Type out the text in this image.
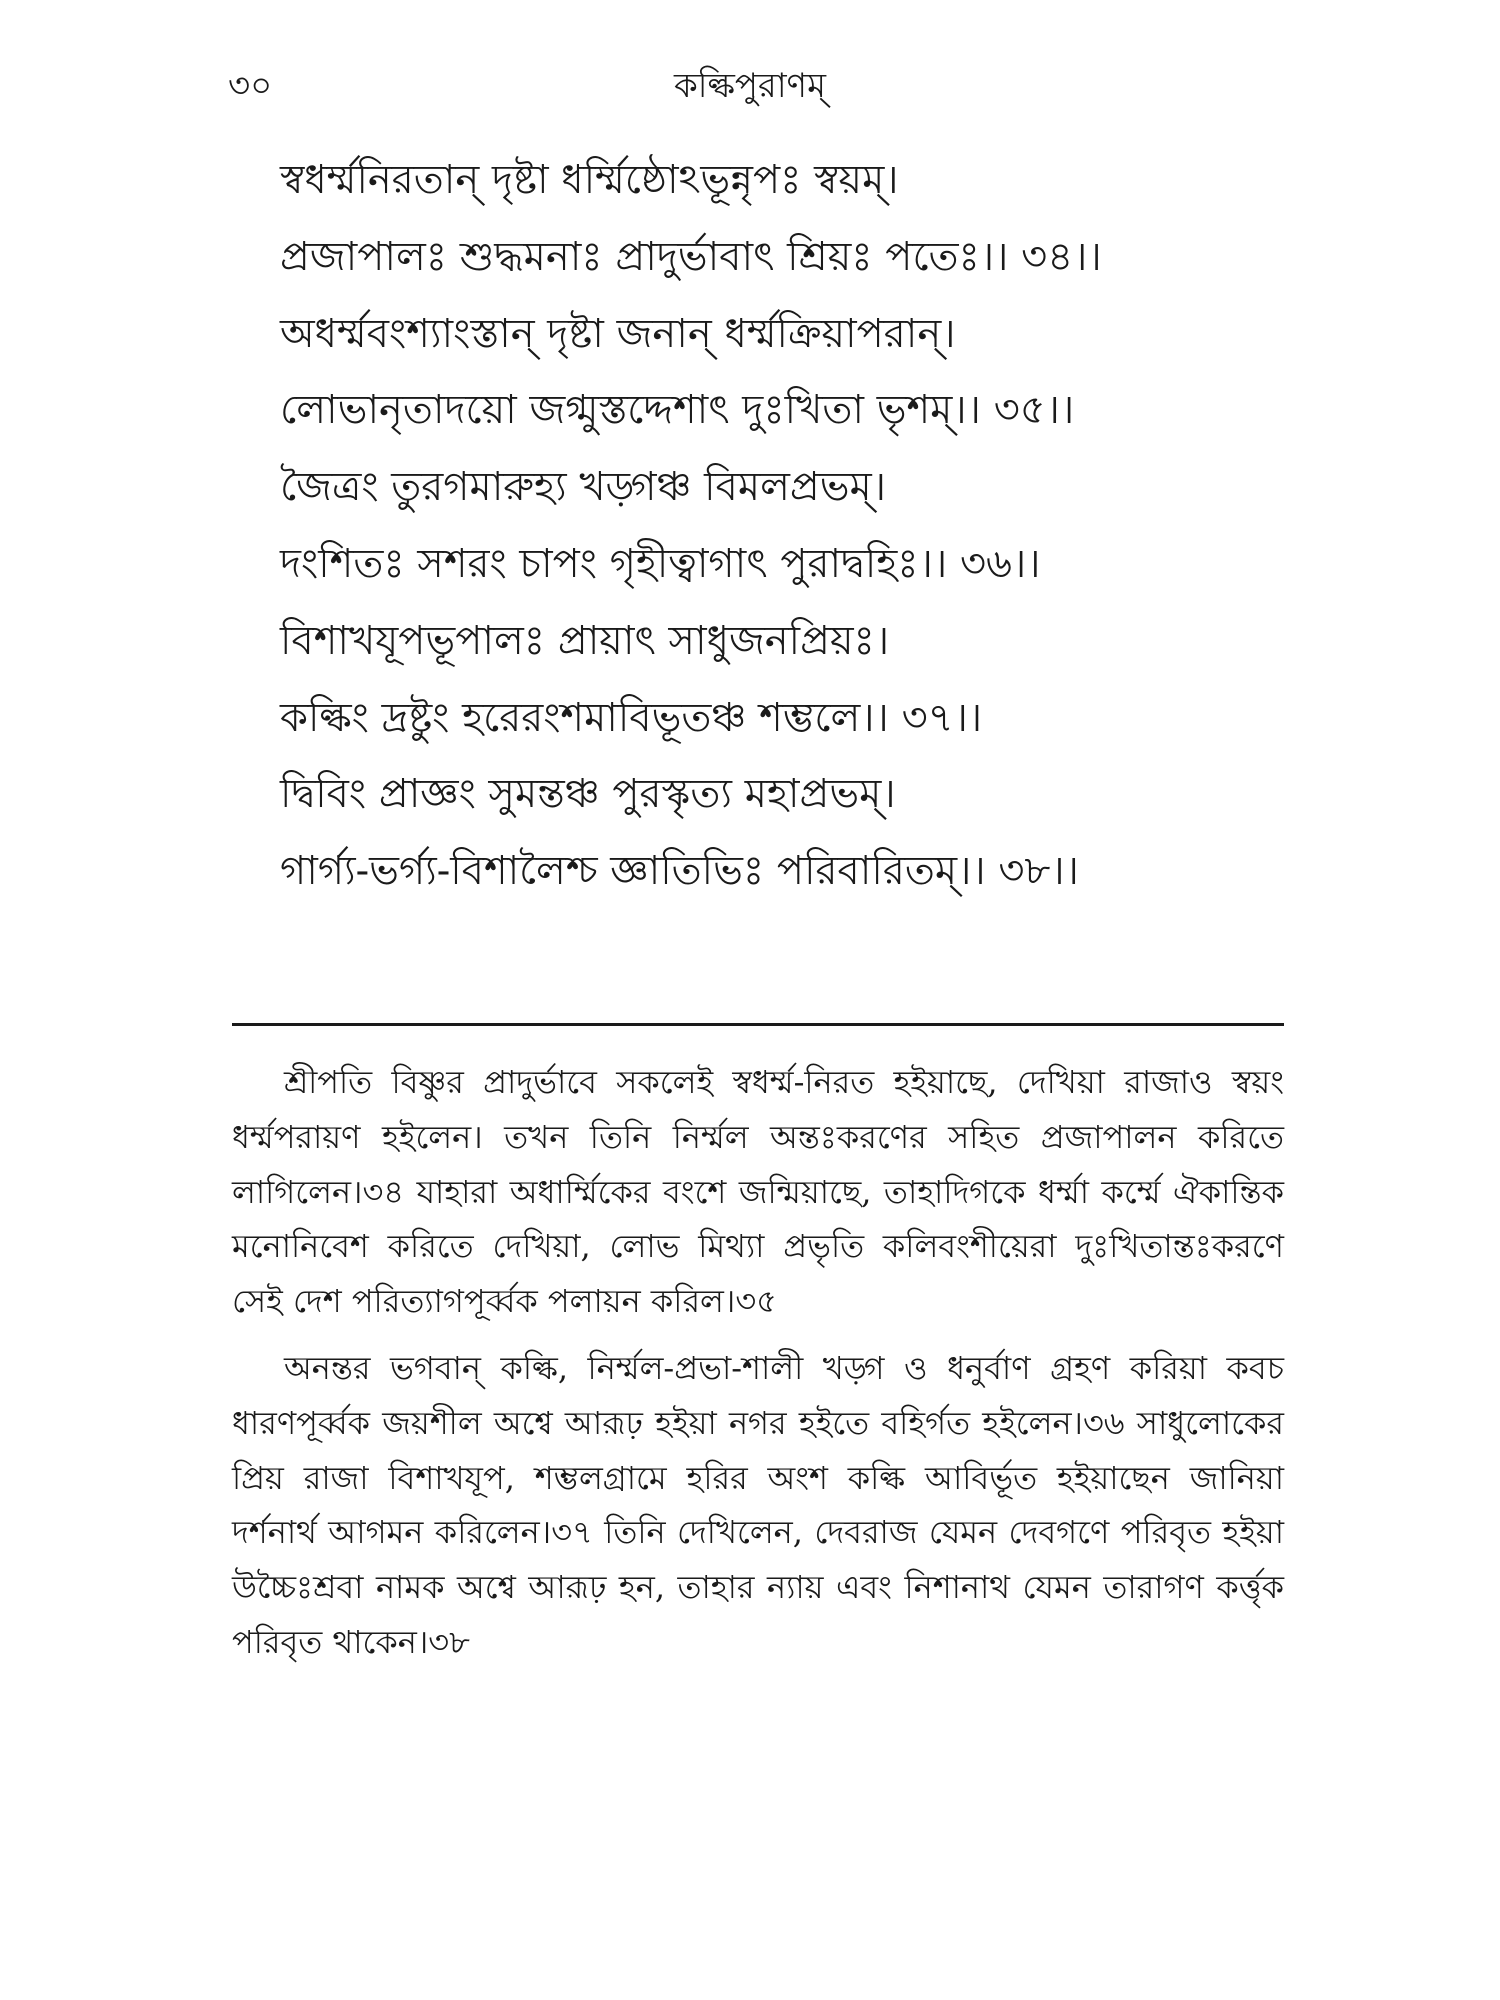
৩০	কল্কিপুরাণম্
স্বধর্ম্মনিরতান্ দৃষ্টা ধর্ম্মিষ্ঠোঽভূন্নৃপঃ স্বয়ম্।
প্রজাপালঃ শুদ্ধমনাঃ প্রাদুর্ভাবাৎ শ্রিয়ঃ পতেঃ।। ৩৪।।
অধর্ম্মবংশ্যাংস্তান্ দৃষ্টা জনান্ ধর্ম্মক্রিয়াপরান্।
লোভানৃতাদয়ো জগ্মুস্তদ্দেশাৎ দুঃখিতা ভৃশম্।। ৩৫।।
জৈত্রং তুরগমারুহ্য খড়্গঞ্চ বিমলপ্রভম্।
দংশিতঃ সশরং চাপং গৃহীত্বাগাৎ পুরাদ্বহিঃ।। ৩৬।।
বিশাখযূপভূপালঃ প্রায়াৎ সাধুজনপ্রিয়ঃ।
কল্কিং দ্রষ্টুং হরেরংশমাবিভূতঞ্চ শম্ভলে।। ৩৭।।
দ্বিবিং প্রাজ্ঞং সুমন্তঞ্চ পুরস্কৃত্য মহাপ্রভম্।
গার্গ্য-ভর্গ্য-বিশালৈশ্চ জ্ঞাতিভিঃ পরিবারিতম্।। ৩৮।।

শ্রীপতি বিষ্ণুর প্রাদুর্ভাবে সকলেই স্বধর্ম্ম-নিরত হইয়াছে, দেখিয়া রাজাও স্বয়ং ধর্ম্মপরায়ণ হইলেন। তখন তিনি নির্ম্মল অন্তঃকরণের সহিত প্রজাপালন করিতে লাগিলেন।৩৪ যাহারা অধার্ম্মিকের বংশে জন্মিয়াছে, তাহাদিগকে ধর্ম্মা কর্ম্মে ঐকান্তিক মনোনিবেশ করিতে দেখিয়া, লোভ মিথ্যা প্রভৃতি কলিবংশীয়েরা দুঃখিতান্তঃকরণে সেই দেশ পরিত্যাগপূর্ব্বক পলায়ন করিল।৩৫

অনন্তর ভগবান্ কল্কি, নির্ম্মল-প্রভা-শালী খড়্গ ও ধনুর্বাণ গ্রহণ করিয়া কবচ ধারণপূর্ব্বক জয়শীল অশ্বে আরূঢ় হইয়া নগর হইতে বহির্গত হইলেন।৩৬ সাধুলোকের প্রিয় রাজা বিশাখযূপ, শম্ভলগ্রামে হরির অংশ কল্কি আবির্ভূত হইয়াছেন জানিয়া দর্শনার্থ আগমন করিলেন।৩৭ তিনি দেখিলেন, দেবরাজ যেমন দেবগণে পরিবৃত হইয়া উচ্চৈঃশ্রবা নামক অশ্বে আরূঢ় হন, তাহার ন্যায় এবং নিশানাথ যেমন তারাগণ কর্ত্তৃক পরিবৃত থাকেন।৩৮
